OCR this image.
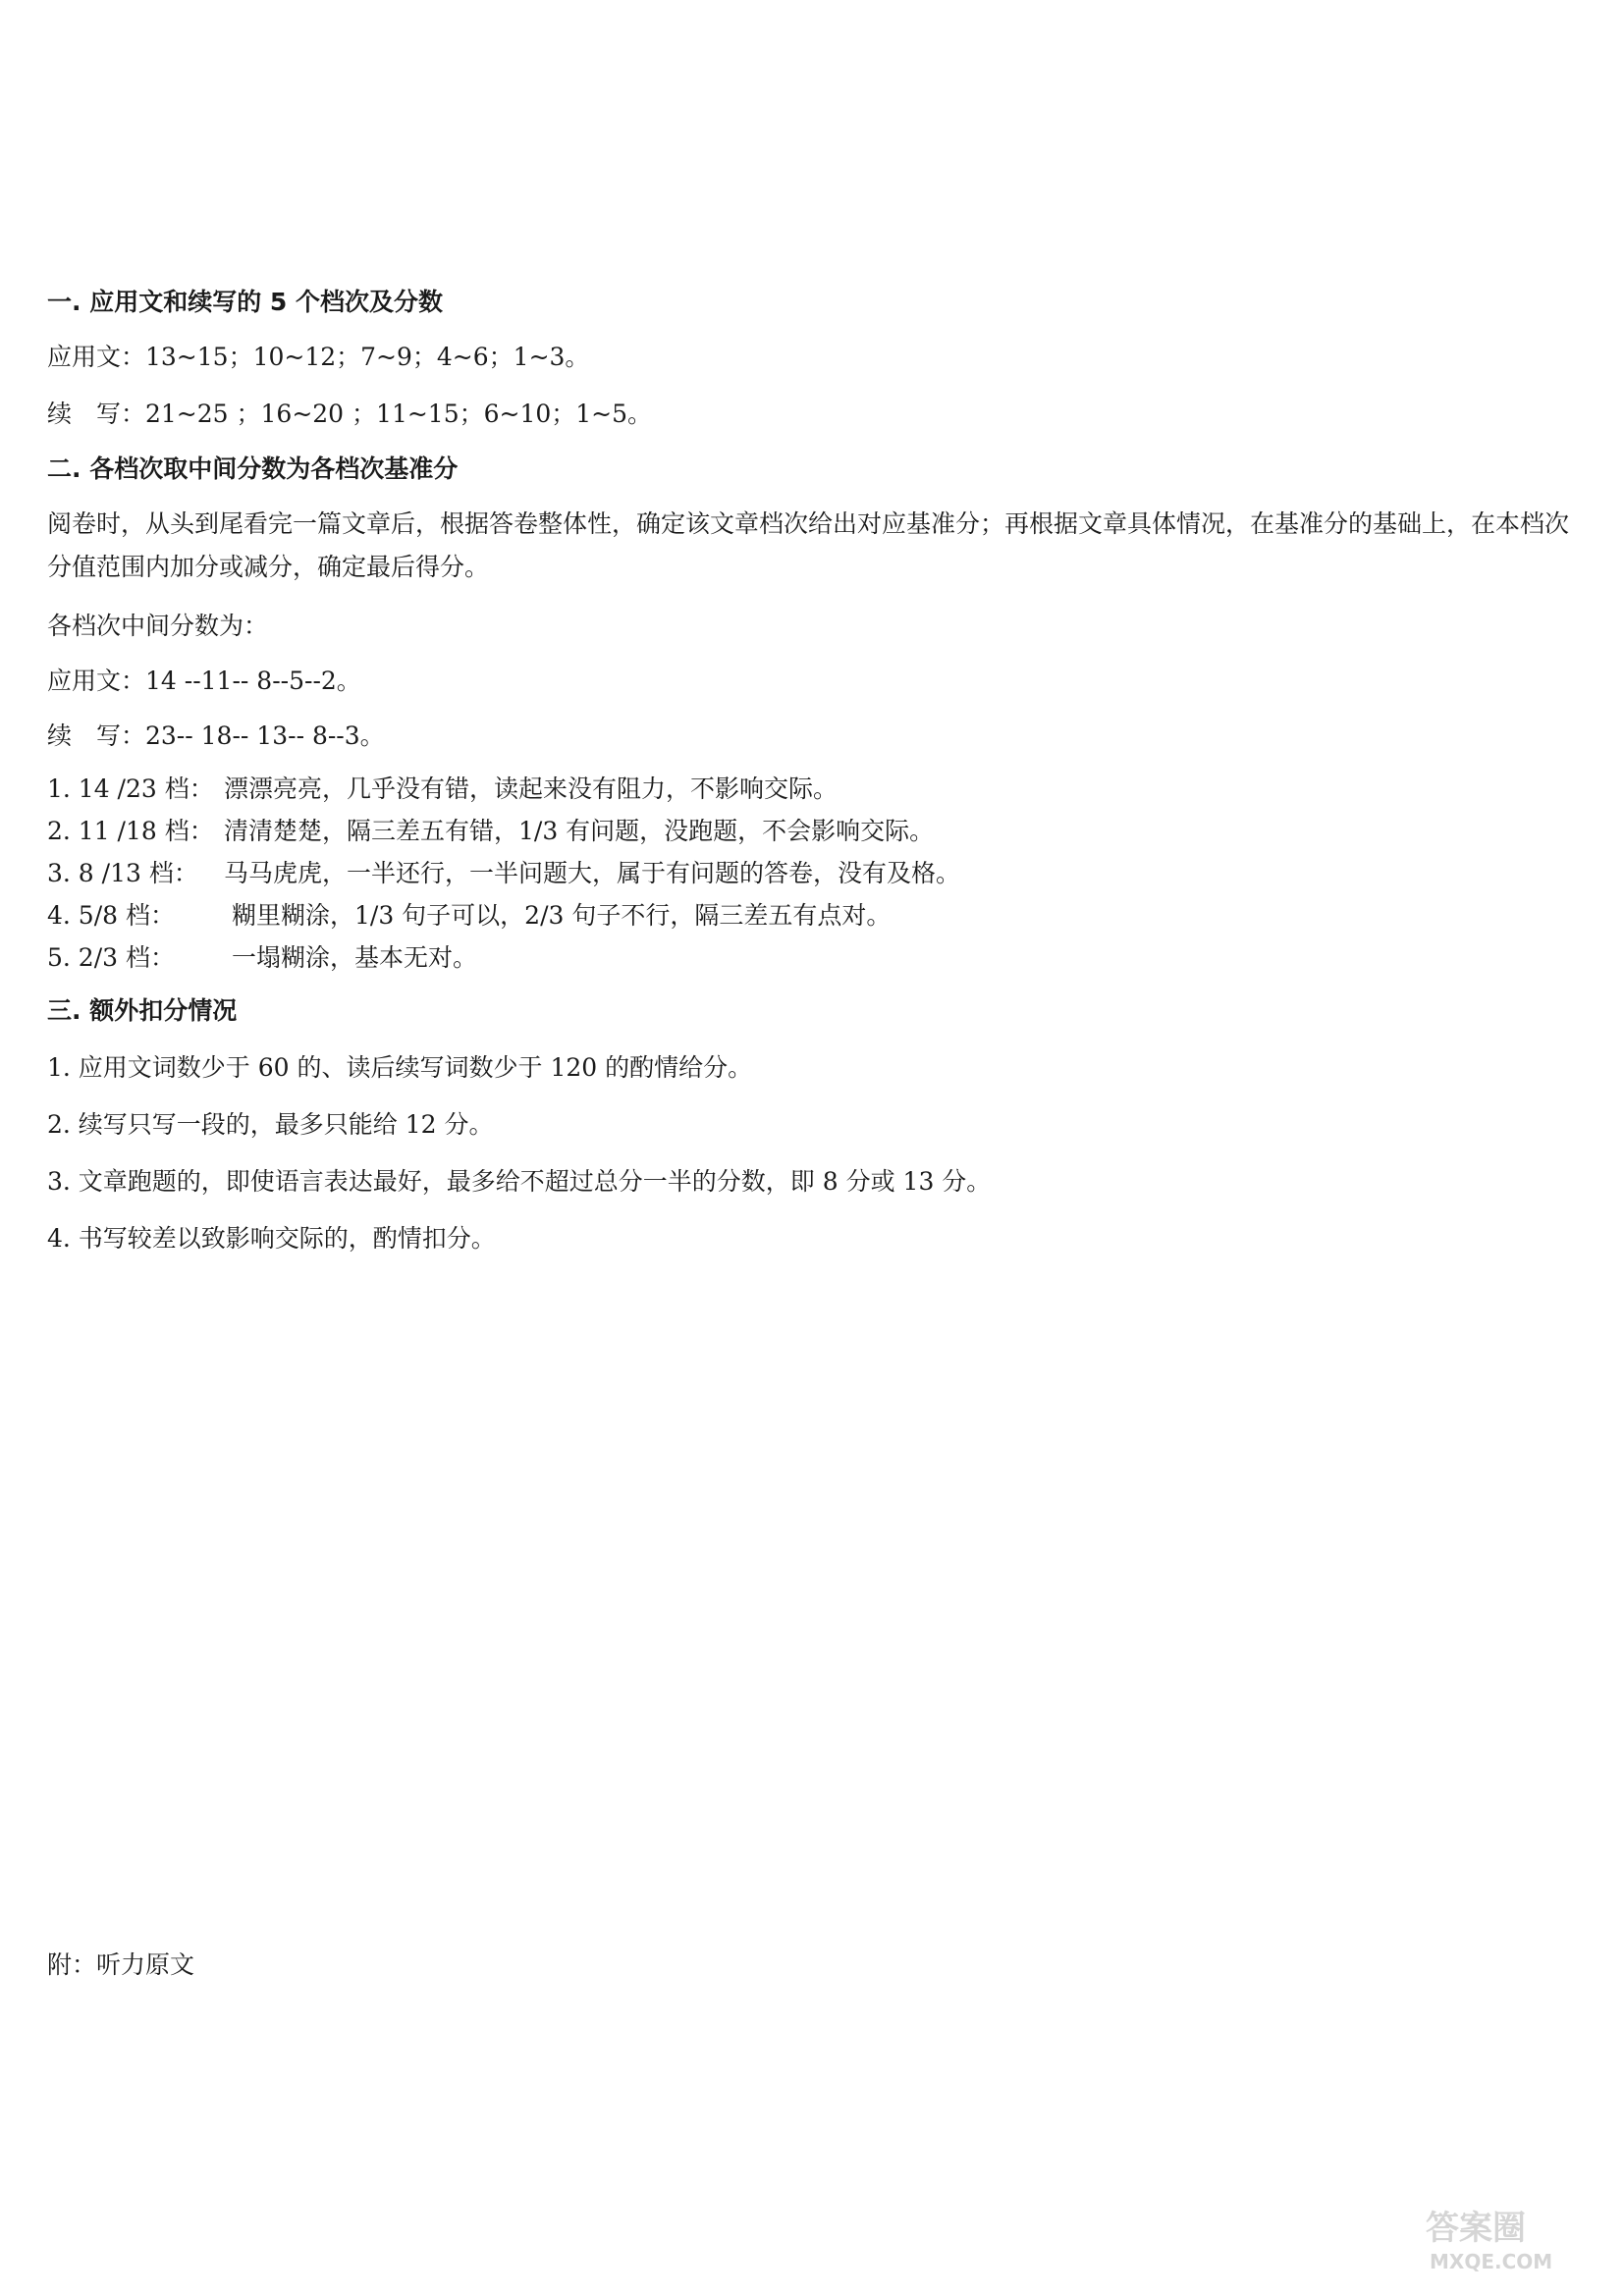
一. 应用文和续写的 5 个档次及分数
应用文：13~15；10~12；7~9；4~6；1~3。
续　写：21~25 ；16~20 ；11~15；6~10；1~5。
二. 各档次取中间分数为各档次基准分
阅卷时，从头到尾看完一篇文章后，根据答卷整体性，确定该文章档次给出对应基准分；再根据文章具体情况，在基准分的基础上，在本档次分值范围内加分或减分，确定最后得分。
各档次中间分数为：
应用文：14 --11-- 8--5--2。
续　写：23-- 18-- 13-- 8--3。
1. 14 /23 档： 漂漂亮亮，几乎没有错，读起来没有阻力，不影响交际。
2. 11 /18 档： 清清楚楚，隔三差五有错，1/3 有问题，没跑题，不会影响交际。
3. 8 /13 档： 马马虎虎，一半还行，一半问题大，属于有问题的答卷，没有及格。
4. 5/8 档： 糊里糊涂，1/3 句子可以，2/3 句子不行，隔三差五有点对。
5. 2/3 档： 一塌糊涂，基本无对。
三. 额外扣分情况
1. 应用文词数少于 60 的、读后续写词数少于 120 的酌情给分。
2. 续写只写一段的，最多只能给 12 分。
3. 文章跑题的，即使语言表达最好，最多给不超过总分一半的分数，即 8 分或 13 分。
4. 书写较差以致影响交际的，酌情扣分。
附：听力原文
答案圈
MXQE.COM
